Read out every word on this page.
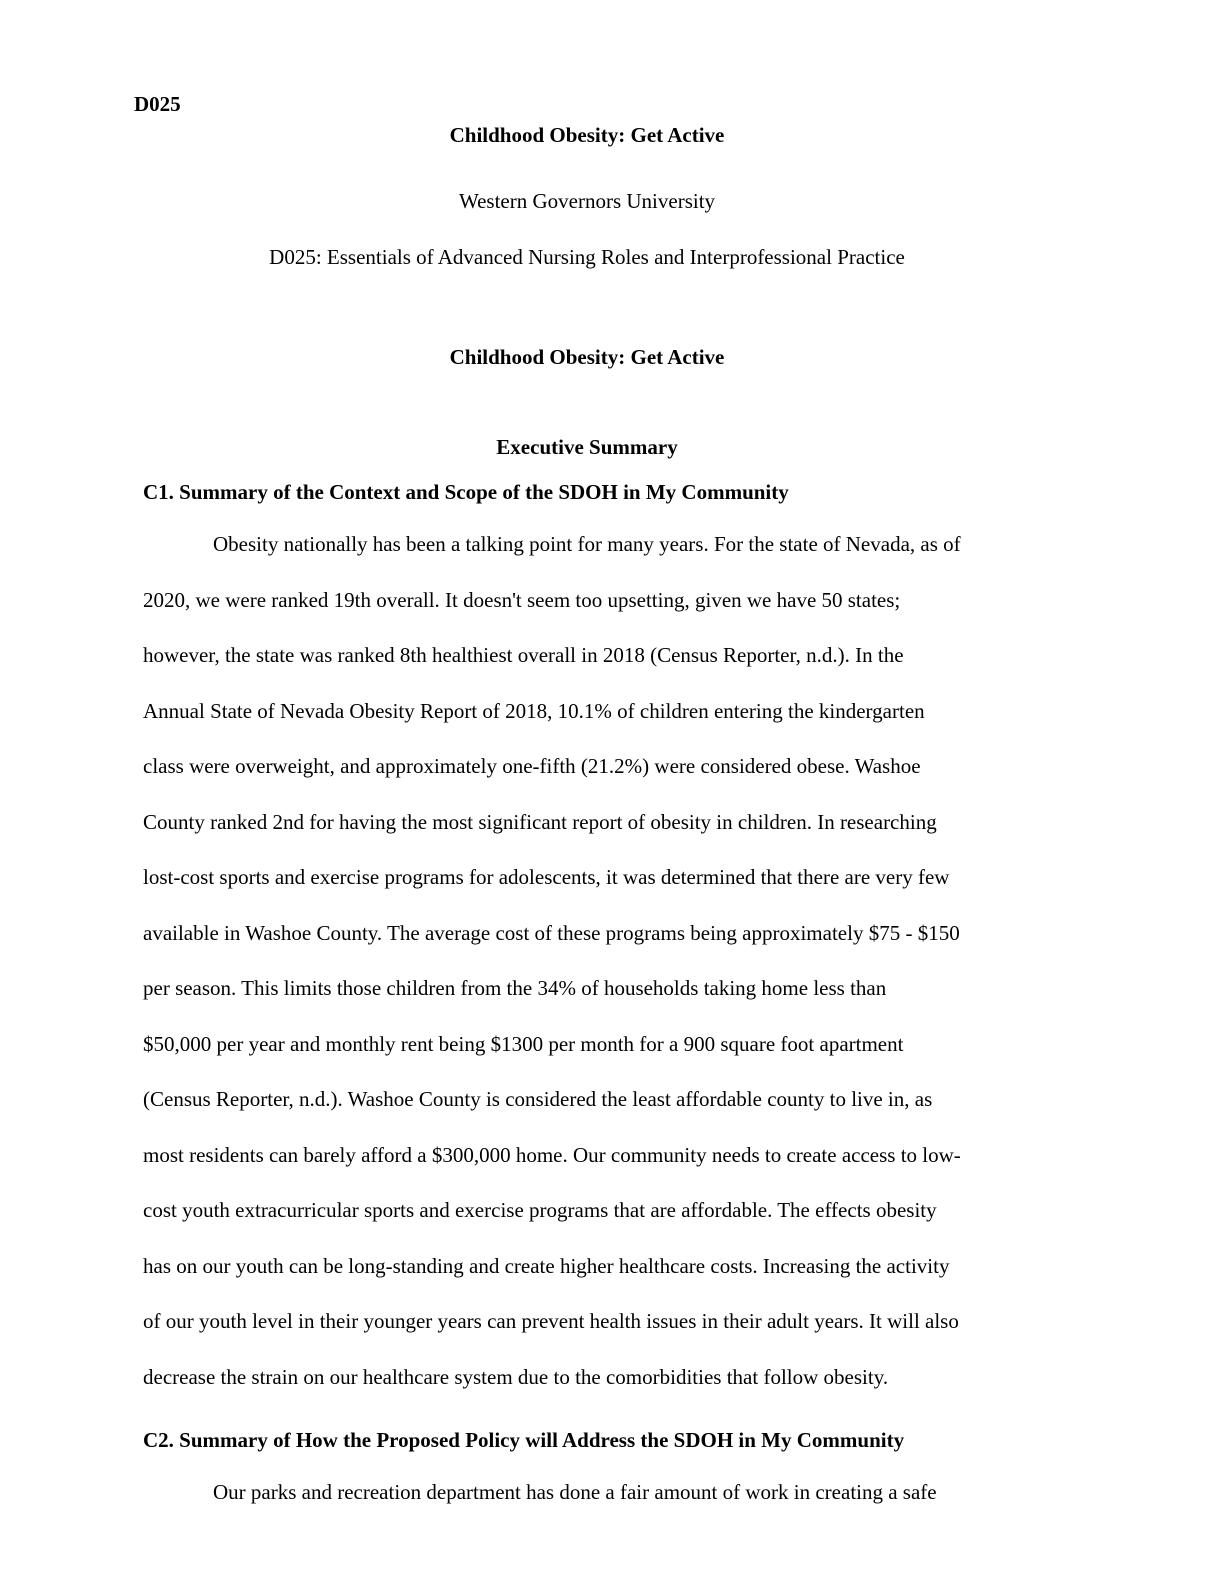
D025

Childhood Obesity: Get Active

Western Governors University

D025: Essentials of Advanced Nursing Roles and Interprofessional Practice

Childhood Obesity: Get Active

Executive Summary

C1. Summary of the Context and Scope of the SDOH in My Community

Obesity nationally has been a talking point for many years. For the state of Nevada, as of
2020, we were ranked 19th overall. It doesn't seem too upsetting, given we have 50 states;
however, the state was ranked 8th healthiest overall in 2018 (Census Reporter, n.d.). In the
Annual State of Nevada Obesity Report of 2018, 10.1% of children entering the kindergarten
class were overweight, and approximately one-fifth (21.2%) were considered obese. Washoe
County ranked 2nd for having the most significant report of obesity in children. In researching
lost-cost sports and exercise programs for adolescents, it was determined that there are very few
available in Washoe County. The average cost of these programs being approximately $75 - $150
per season. This limits those children from the 34% of households taking home less than
$50,000 per year and monthly rent being $1300 per month for a 900 square foot apartment
(Census Reporter, n.d.). Washoe County is considered the least affordable county to live in, as
most residents can barely afford a $300,000 home. Our community needs to create access to low-
cost youth extracurricular sports and exercise programs that are affordable. The effects obesity
has on our youth can be long-standing and create higher healthcare costs. Increasing the activity
of our youth level in their younger years can prevent health issues in their adult years. It will also
decrease the strain on our healthcare system due to the comorbidities that follow obesity.

C2. Summary of How the Proposed Policy will Address the SDOH in My Community

Our parks and recreation department has done a fair amount of work in creating a safe
